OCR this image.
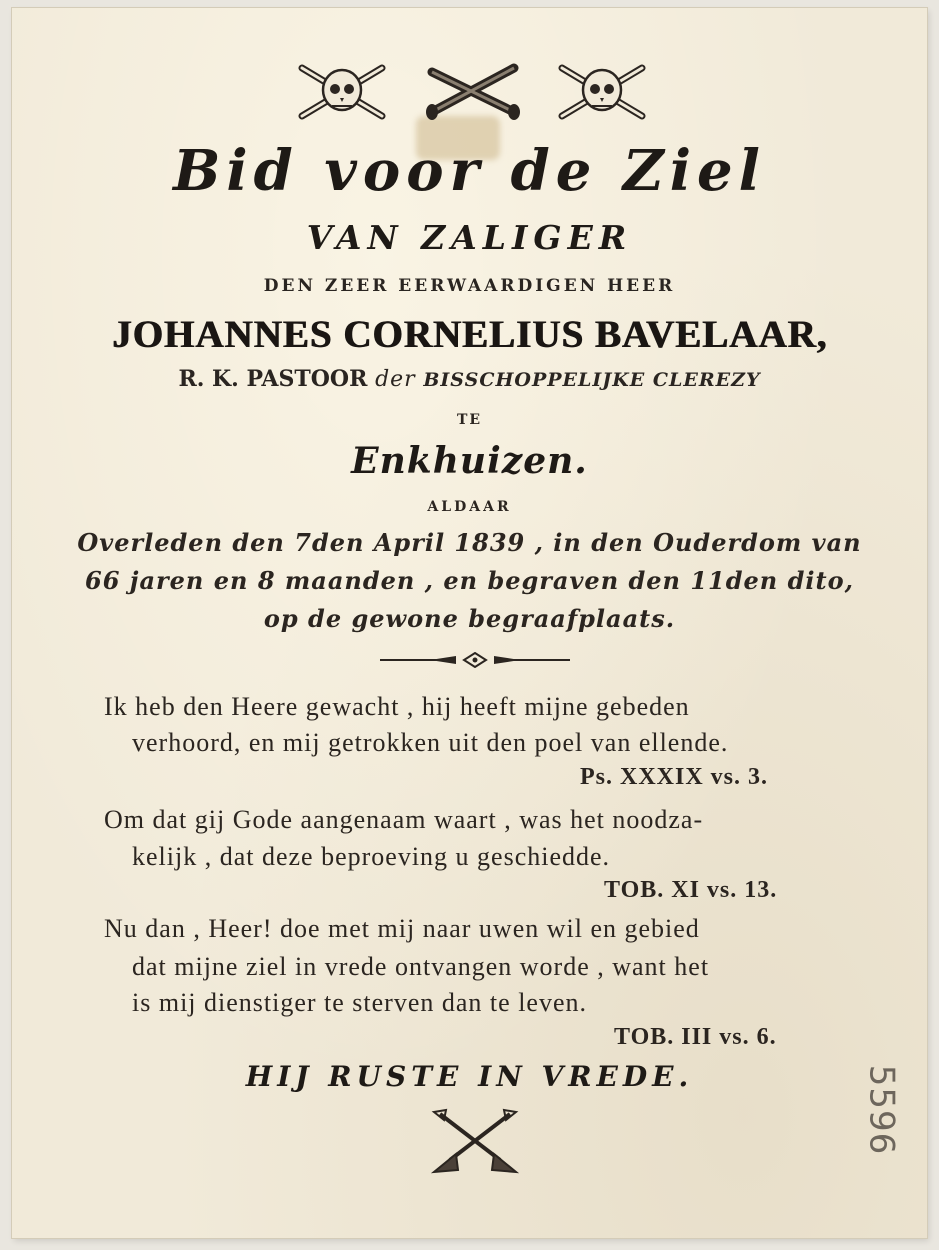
Bid voor de Ziel
VAN ZALIGER
DEN ZEER EERWAARDIGEN HEER
JOHANNES CORNELIUS BAVELAAR,
R. K. PASTOOR der BISSCHOPPELIJKE CLEREZY
TE
Enkhuizen.
ALDAAR
Overleden den 7den April 1839 , in den Ouderdom van
66 jaren en 8 maanden , en begraven den 11den dito,
op de gewone begraafplaats.
Ik heb den Heere gewacht , hij heeft mijne gebeden
verhoord, en mij getrokken uit den poel van ellende.
Ps. XXXIX vs. 3.
Om dat gij Gode aangenaam waart , was het noodza-
kelijk , dat deze beproeving u geschiedde.
TOB. XI vs. 13.
Nu dan , Heer! doe met mij naar uwen wil en gebied
dat mijne ziel in vrede ontvangen worde , want het
is mij dienstiger te sterven dan te leven.
TOB. III vs. 6.
HIJ RUSTE IN VREDE.	5596
